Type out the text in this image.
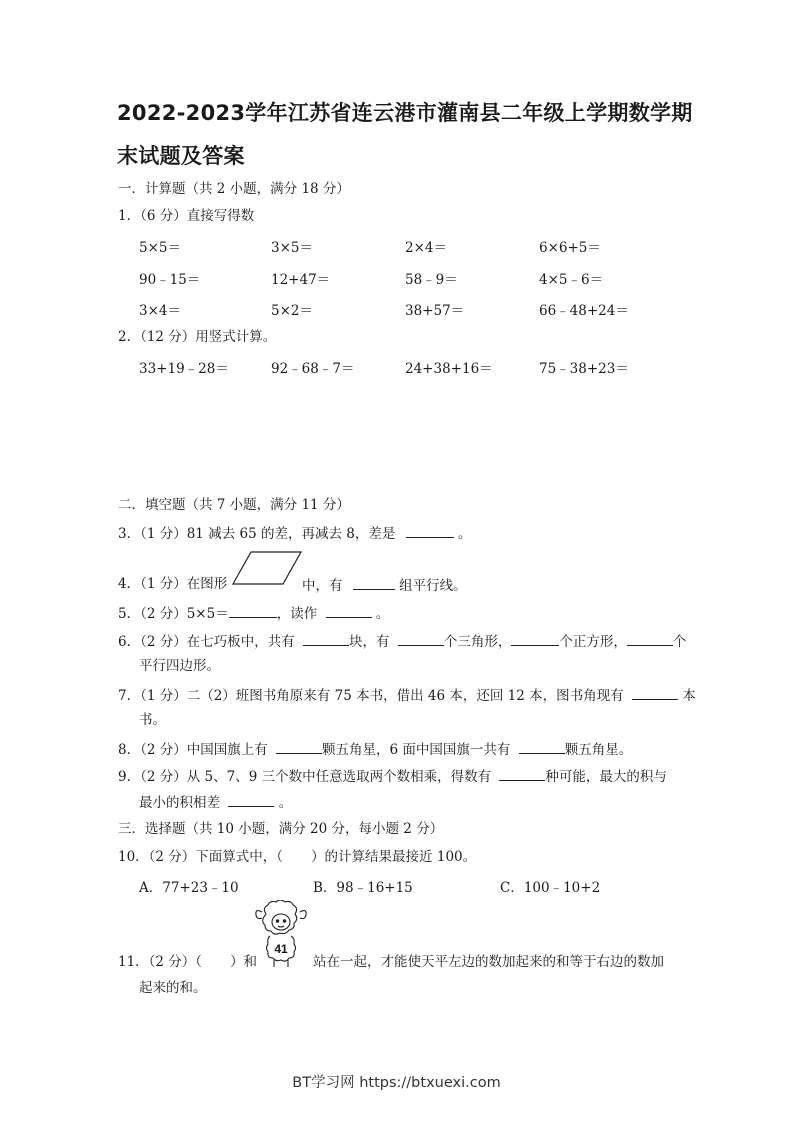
2022-2023学年江苏省连云港市灌南县二年级上学期数学期
末试题及答案
一．计算题（共 2 小题，满分 18 分）
1．（6 分）直接写得数
5×5＝	3×5＝	2×4＝	6×6+5＝
90﹣15＝	12+47＝	58﹣9＝	4×5﹣6＝
3×4＝	5×2＝	38+57＝	66﹣48+24＝
2．（12 分）用竖式计算。
33+19﹣28＝	92﹣68﹣7＝	24+38+16＝	75﹣38+23＝
二．填空题（共 7 小题，满分 11 分）
3．（1 分）81 减去 65 的差，再减去 8，差是	。
4．（1 分）在图形	中，有	组平行线。
5．（2 分）5×5＝	，读作	。
6．（2 分）在七巧板中，共有	块，有	个三角形，	个正方形，	个
平行四边形。
7．（1 分）二（2）班图书角原来有 75 本书，借出 46 本，还回 12 本，图书角现有	本
书。
8．（2 分）中国国旗上有	颗五角星，6 面中国国旗一共有	颗五角星。
9．（2 分）从 5、7、9 三个数中任意选取两个数相乘，得数有	种可能，最大的积与
最小的积相差	。
三．选择题（共 10 小题，满分 20 分，每小题 2 分）
10．（2 分）下面算式中，（ ）的计算结果最接近 100。
A．77+23﹣10	B．98﹣16+15	C．100﹣10+2
41
11．（2 分）（ ）和	站在一起，才能使天平左边的数加起来的和等于右边的数加
起来的和。
BT学习网 https://btxuexi.com
